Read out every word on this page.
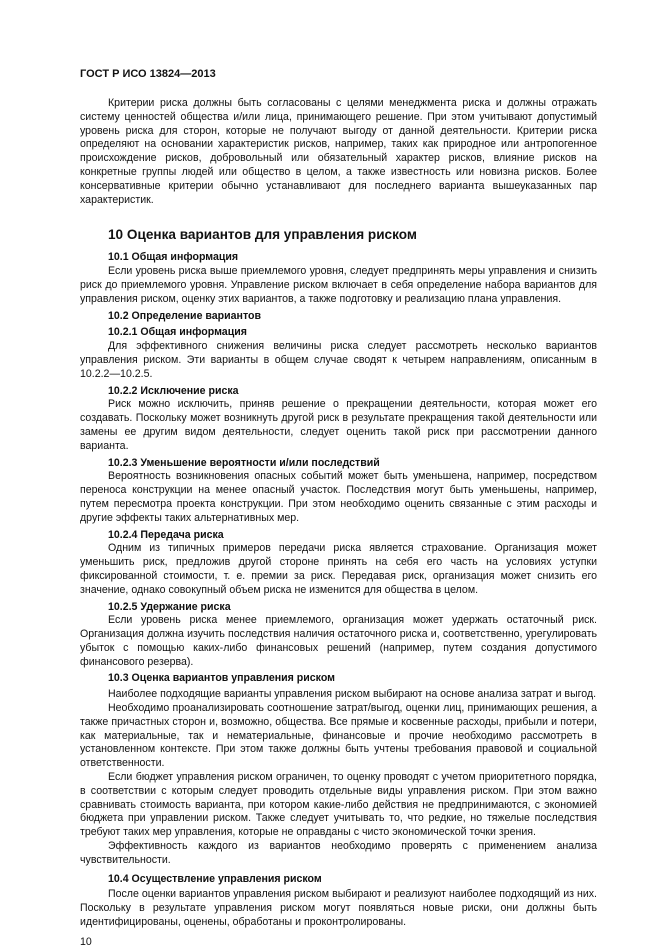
ГОСТ Р ИСО 13824—2013

Критерии риска должны быть согласованы с целями менеджмента риска и должны отражать систему ценностей общества и/или лица, принимающего решение. При этом учитывают допустимый уровень риска для сторон, которые не получают выгоду от данной деятельности. Критерии риска определяют на основании характеристик рисков, например, таких как природное или антропогенное происхождение рисков, добровольный или обязательный характер рисков, влияние рисков на конкретные группы людей или общество в целом, а также известность или новизна рисков. Более консервативные критерии обычно устанавливают для последнего варианта вышеуказанных пар характеристик.

10 Оценка вариантов для управления риском
10.1 Общая информация

Если уровень риска выше приемлемого уровня, следует предпринять меры управления и снизить риск до приемлемого уровня. Управление риском включает в себя определение набора вариантов для управления риском, оценку этих вариантов, а также подготовку и реализацию плана управления.

10.2 Определение вариантов
10.2.1 Общая информация

Для эффективного снижения величины риска следует рассмотреть несколько вариантов управления риском. Эти варианты в общем случае сводят к четырем направлениям, описанным в 10.2.2—10.2.5.

10.2.2 Исключение риска

Риск можно исключить, приняв решение о прекращении деятельности, которая может его создавать. Поскольку может возникнуть другой риск в результате прекращения такой деятельности или замены ее другим видом деятельности, следует оценить такой риск при рассмотрении данного варианта.

10.2.3 Уменьшение вероятности и/или последствий

Вероятность возникновения опасных событий может быть уменьшена, например, посредством переноса конструкции на менее опасный участок. Последствия могут быть уменьшены, например, путем пересмотра проекта конструкции. При этом необходимо оценить связанные с этим расходы и другие эффекты таких альтернативных мер.

10.2.4 Передача риска

Одним из типичных примеров передачи риска является страхование. Организация может уменьшить риск, предложив другой стороне принять на себя его часть на условиях уступки фиксированной стоимости, т. е. премии за риск. Передавая риск, организация может снизить его значение, однако совокупный объем риска не изменится для общества в целом.

10.2.5 Удержание риска

Если уровень риска менее приемлемого, организация может удержать остаточный риск. Организация должна изучить последствия наличия остаточного риска и, соответственно, урегулировать убыток с помощью каких-либо финансовых решений (например, путем создания допустимого финансового резерва).

10.3 Оценка вариантов управления риском

Наиболее подходящие варианты управления риском выбирают на основе анализа затрат и выгод.

Необходимо проанализировать соотношение затрат/выгод, оценки лиц, принимающих решения, а также причастных сторон и, возможно, общества. Все прямые и косвенные расходы, прибыли и потери, как материальные, так и нематериальные, финансовые и прочие необходимо рассмотреть в установленном контексте. При этом также должны быть учтены требования правовой и социальной ответственности.

Если бюджет управления риском ограничен, то оценку проводят с учетом приоритетного порядка, в соответствии с которым следует проводить отдельные виды управления риском. При этом важно сравнивать стоимость варианта, при котором какие-либо действия не предпринимаются, с экономией бюджета при управлении риском. Также следует учитывать то, что редкие, но тяжелые последствия требуют таких мер управления, которые не оправданы с чисто экономической точки зрения.

Эффективность каждого из вариантов необходимо проверять с применением анализа чувствительности.

10.4 Осуществление управления риском

После оценки вариантов управления риском выбирают и реализуют наиболее подходящий из них. Поскольку в результате управления риском могут появляться новые риски, они должны быть идентифицированы, оценены, обработаны и проконтролированы.

10
